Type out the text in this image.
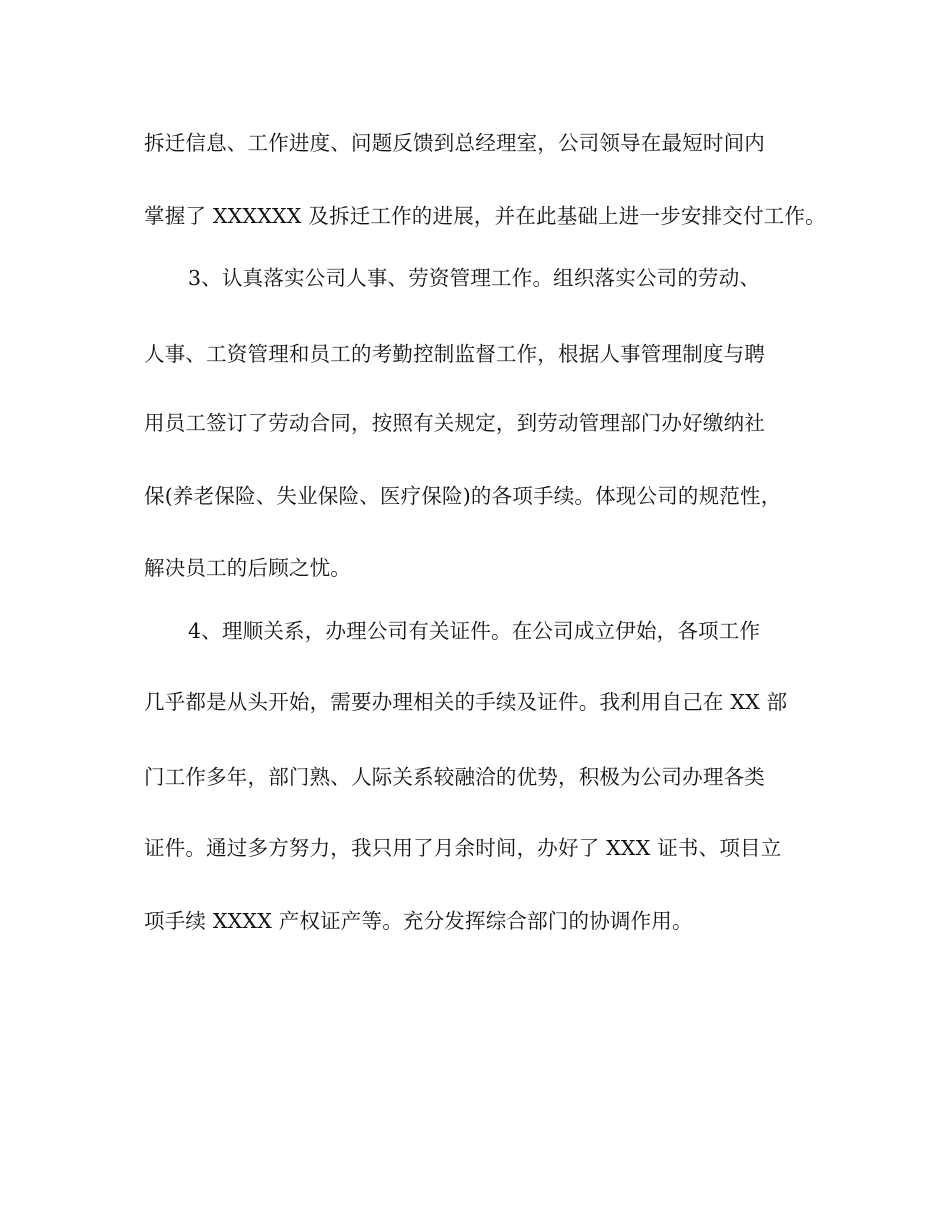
拆迁信息、工作进度、问题反馈到总经理室，公司领导在最短时间内
掌握了 XXXXXX 及拆迁工作的进展，并在此基础上进一步安排交付工作。
3、认真落实公司人事、劳资管理工作。组织落实公司的劳动、
人事、工资管理和员工的考勤控制监督工作，根据人事管理制度与聘
用员工签订了劳动合同，按照有关规定，到劳动管理部门办好缴纳社
保(养老保险、失业保险、医疗保险)的各项手续。体现公司的规范性，
解决员工的后顾之忧。
4、理顺关系，办理公司有关证件。在公司成立伊始，各项工作
几乎都是从头开始，需要办理相关的手续及证件。我利用自己在 XX 部
门工作多年，部门熟、人际关系较融洽的优势，积极为公司办理各类
证件。通过多方努力，我只用了月余时间，办好了 XXX 证书、项目立
项手续 XXXX 产权证产等。充分发挥综合部门的协调作用。
